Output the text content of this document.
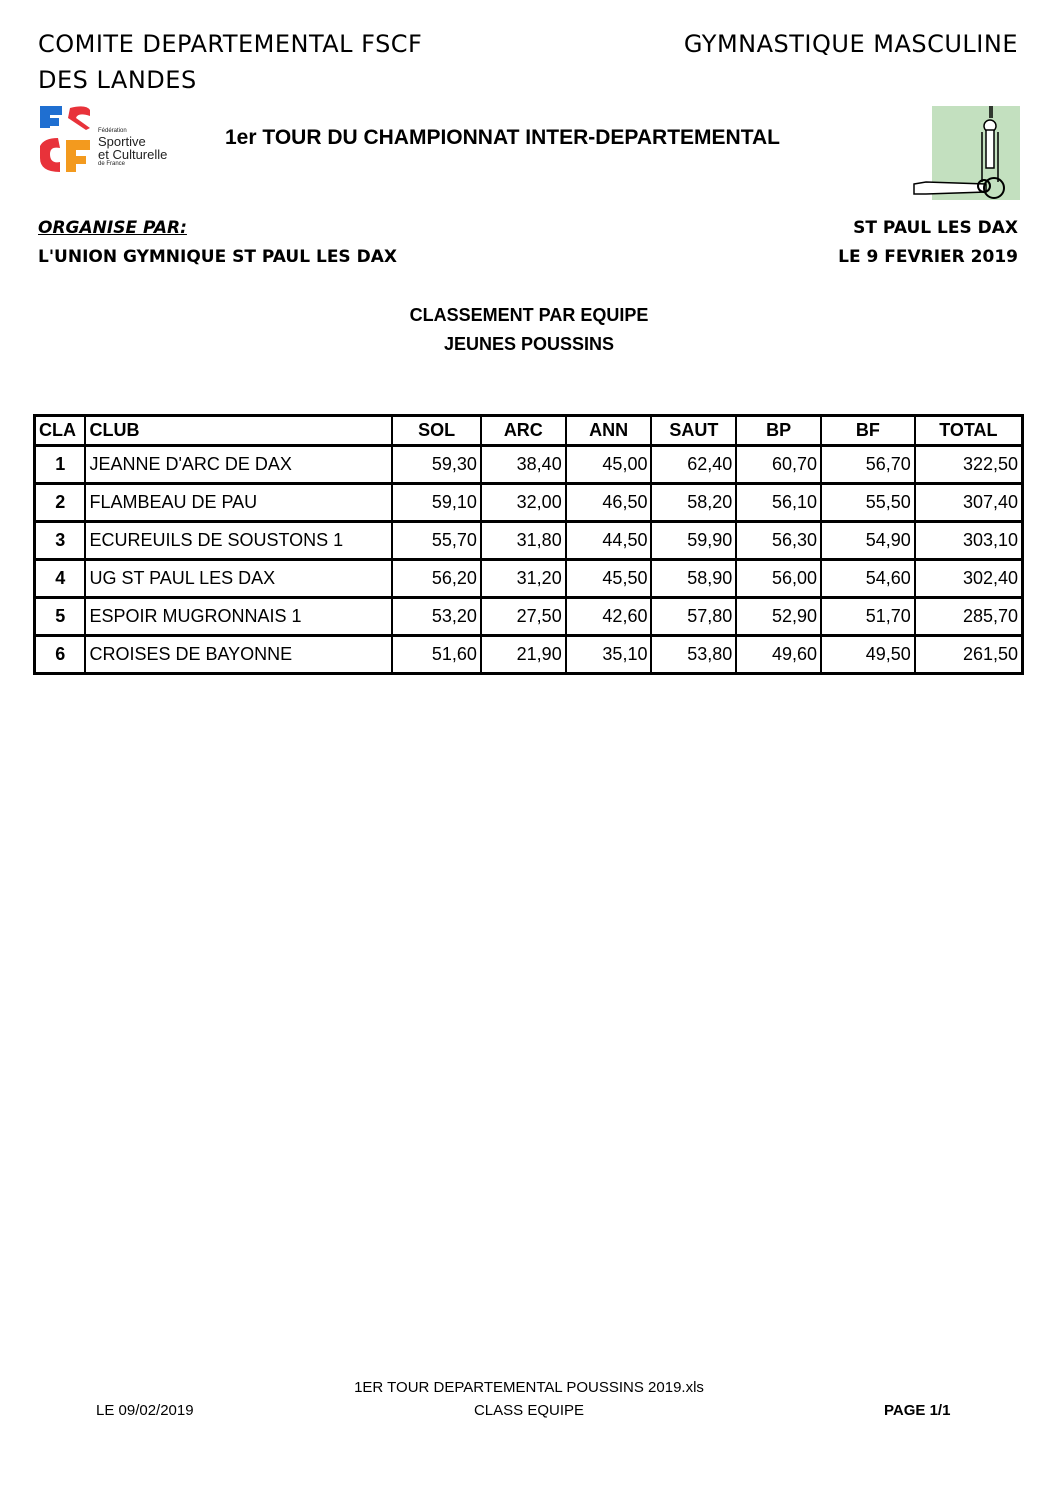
COMITE DEPARTEMENTAL FSCF
DES LANDES
GYMNASTIQUE MASCULINE
Fédération
Sportive
et Culturelle
de France
1er TOUR DU CHAMPIONNAT INTER-DEPARTEMENTAL
ORGANISE PAR:
L'UNION GYMNIQUE ST PAUL LES DAX
ST PAUL LES DAX
LE 9 FEVRIER 2019
CLASSEMENT PAR EQUIPE
JEUNES POUSSINS
CLA	CLUB	SOL	ARC	ANN	SAUT	BP	BF	TOTAL
1	JEANNE D'ARC DE DAX	59,30	38,40	45,00	62,40	60,70	56,70	322,50
2	FLAMBEAU DE PAU	59,10	32,00	46,50	58,20	56,10	55,50	307,40
3	ECUREUILS DE SOUSTONS 1	55,70	31,80	44,50	59,90	56,30	54,90	303,10
4	UG ST PAUL LES DAX	56,20	31,20	45,50	58,90	56,00	54,60	302,40
5	ESPOIR MUGRONNAIS 1	53,20	27,50	42,60	57,80	52,90	51,70	285,70
6	CROISES DE BAYONNE	51,60	21,90	35,10	53,80	49,60	49,50	261,50
1ER TOUR DEPARTEMENTAL POUSSINS 2019.xls
LE 09/02/2019	CLASS EQUIPE	PAGE 1/1
